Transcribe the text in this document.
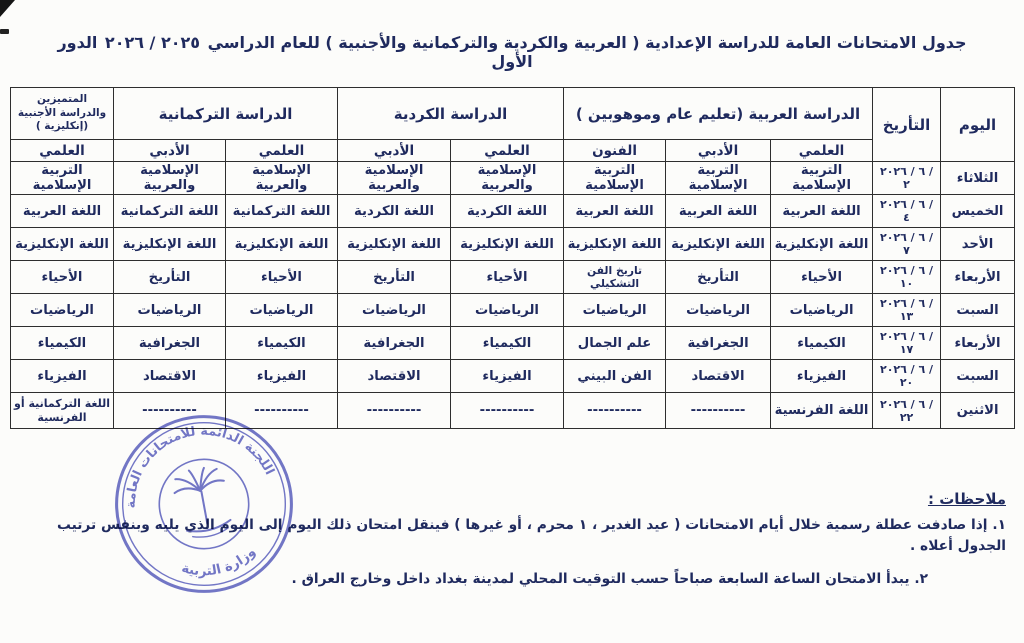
جدول الامتحانات العامة للدراسة الإعدادية ( العربية والكردية والتركمانية والأجنبية ) للعام الدراسي ٢٠٢٦ / ٢٠٢٥ الدور الأول
اليوم	التأريخ	الدراسة العربية (تعليم عام وموهوبين )			الدراسة الكردية		الدراسة التركمانية		المتميزين والدراسة الأجنبية (إنكليزية )
		العلمي	الأدبي	الفنون	العلمي	الأدبي	العلمي	الأدبي	العلمي
الثلاثاء	٢٠٢٦ / ٦ / ٢	التربية الإسلامية	التربية الإسلامية	التربية الإسلامية	الإسلامية والعربية	الإسلامية والعربية	الإسلامية والعربية	الإسلامية والعربية	التربية الإسلامية
الخميس	٢٠٢٦ / ٦ / ٤	اللغة العربية	اللغة العربية	اللغة العربية	اللغة الكردية	اللغة الكردية	اللغة التركمانية	اللغة التركمانية	اللغة العربية
الأحد	٢٠٢٦ / ٦ / ٧	اللغة الإنكليزية	اللغة الإنكليزية	اللغة الإنكليزية	اللغة الإنكليزية	اللغة الإنكليزية	اللغة الإنكليزية	اللغة الإنكليزية	اللغة الإنكليزية
الأربعاء	٢٠٢٦ / ٦ / ١٠	الأحياء	التأريخ	تاريخ الفن التشكيلي	الأحياء	التأريخ	الأحياء	التأريخ	الأحياء
السبت	٢٠٢٦ / ٦ / ١٣	الرياضيات	الرياضيات	الرياضيات	الرياضيات	الرياضيات	الرياضيات	الرياضيات	الرياضيات
الأربعاء	٢٠٢٦ / ٦ / ١٧	الكيمياء	الجغرافية	علم الجمال	الكيمياء	الجغرافية	الكيمياء	الجغرافية	الكيمياء
السبت	٢٠٢٦ / ٦ / ٢٠	الفيزياء	الاقتصاد	الفن البيني	الفيزياء	الاقتصاد	الفيزياء	الاقتصاد	الفيزياء
الاثنين	٢٠٢٦ / ٦ / ٢٢	اللغة الفرنسية	----------	----------	----------	----------	----------	----------	اللغة التركمانية أو الفرنسية
ملاحظات :
١. إذا صادفت عطلة رسمية خلال أيام الامتحانات ( عيد الغدير ، ١ محرم ، أو غيرها ) فينقل امتحان ذلك اليوم إلى اليوم الذي يليه وبنفس ترتيب الجدول أعلاه .
٢. يبدأ الامتحان الساعة السابعة صباحاً حسب التوقيت المحلي لمدينة بغداد داخل وخارج العراق .
اللجنة الدائمة للامتحانات العامة
وزارة التربية
